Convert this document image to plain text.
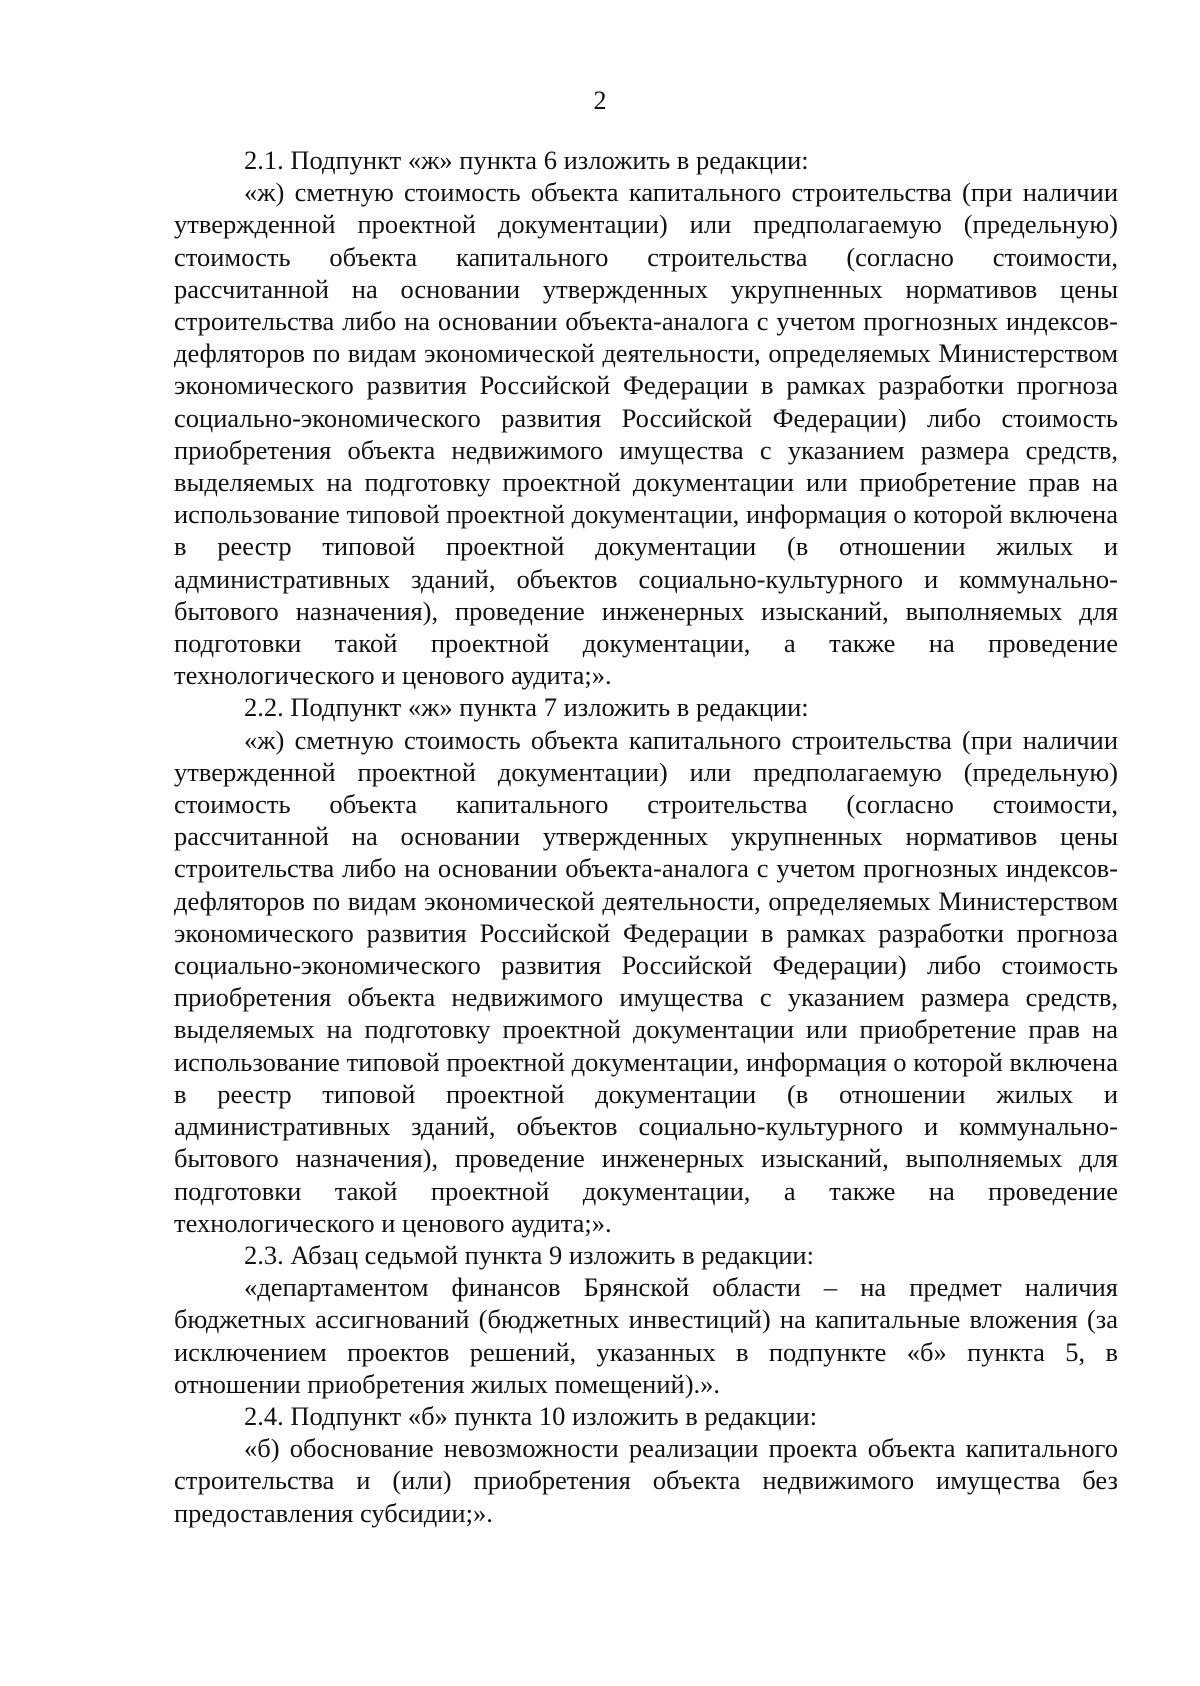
2

2.1. Подпункт «ж» пункта 6 изложить в редакции:

«ж) сметную стоимость объекта капитального строительства (при наличии утвержденной проектной документации) или предполагаемую (предельную) стоимость объекта капитального строительства (согласно стоимости, рассчитанной на основании утвержденных укрупненных нормативов цены строительства либо на основании объекта-аналога с учетом прогнозных индексов-дефляторов по видам экономической деятельности, определяемых Министерством экономического развития Российской Федерации в рамках разработки прогноза социально-экономического развития Российской Федерации) либо стоимость приобретения объекта недвижимого имущества с указанием размера средств, выделяемых на подготовку проектной документации или приобретение прав на использование типовой проектной документации, информация о которой включена в реестр типовой проектной документации (в отношении жилых и административных зданий, объектов социально-культурного и коммунально-бытового назначения), проведение инженерных изысканий, выполняемых для подготовки такой проектной документации, а также на проведение технологического и ценового аудита;».

2.2. Подпункт «ж» пункта 7 изложить в редакции:

«ж) сметную стоимость объекта капитального строительства (при наличии утвержденной проектной документации) или предполагаемую (предельную) стоимость объекта капитального строительства (согласно стоимости, рассчитанной на основании утвержденных укрупненных нормативов цены строительства либо на основании объекта-аналога с учетом прогнозных индексов-дефляторов по видам экономической деятельности, определяемых Министерством экономического развития Российской Федерации в рамках разработки прогноза социально-экономического развития Российской Федерации) либо стоимость приобретения объекта недвижимого имущества с указанием размера средств, выделяемых на подготовку проектной документации или приобретение прав на использование типовой проектной документации, информация о которой включена в реестр типовой проектной документации (в отношении жилых и административных зданий, объектов социально-культурного и коммунально-бытового назначения), проведение инженерных изысканий, выполняемых для подготовки такой проектной документации, а также на проведение технологического и ценового аудита;».

2.3. Абзац седьмой пункта 9 изложить в редакции:

«департаментом финансов Брянской области – на предмет наличия бюджетных ассигнований (бюджетных инвестиций) на капитальные вложения (за исключением проектов решений, указанных в подпункте «б» пункта 5, в отношении приобретения жилых помещений).».

2.4. Подпункт «б» пункта 10 изложить в редакции:

«б) обоснование невозможности реализации проекта объекта капитального строительства и (или) приобретения объекта недвижимого имущества без предоставления субсидии;».
